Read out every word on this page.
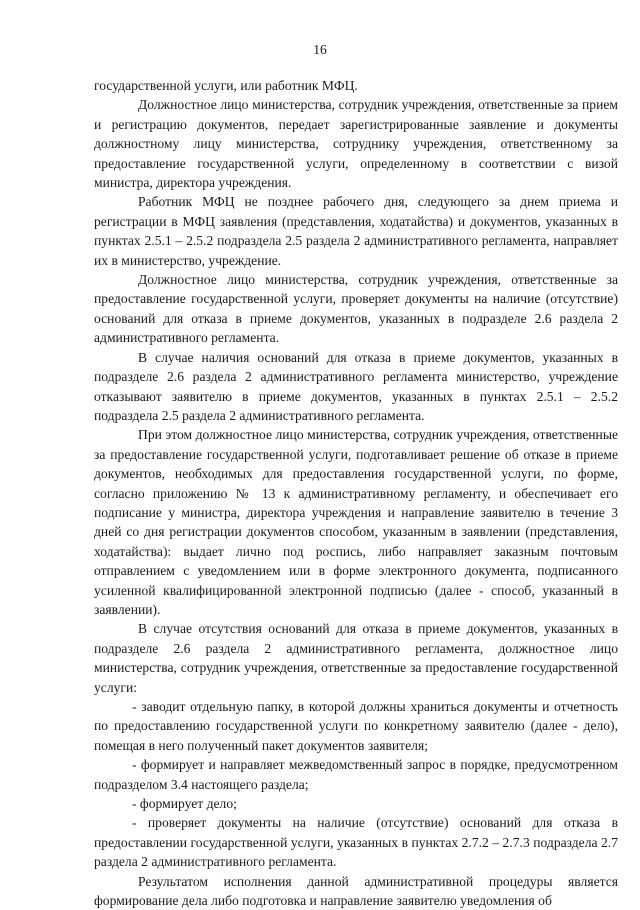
16

государственной услуги, или работник МФЦ.

Должностное лицо министерства, сотрудник учреждения, ответственные за прием и регистрацию документов, передает зарегистрированные заявление и документы должностному лицу министерства, сотруднику учреждения, ответственному за предоставление государственной услуги, определенному в соответствии с визой министра, директора учреждения.

Работник МФЦ не позднее рабочего дня, следующего за днем приема и регистрации в МФЦ заявления (представления, ходатайства) и документов, указанных в пунктах 2.5.1 – 2.5.2 подраздела 2.5 раздела 2 административного регламента, направляет их в министерство, учреждение.

Должностное лицо министерства, сотрудник учреждения, ответственные за предоставление государственной услуги, проверяет документы на наличие (отсутствие) оснований для отказа в приеме документов, указанных в подразделе 2.6 раздела 2 административного регламента.

В случае наличия оснований для отказа в приеме документов, указанных в подразделе 2.6 раздела 2 административного регламента министерство, учреждение отказывают заявителю в приеме документов, указанных в пунктах 2.5.1 – 2.5.2 подраздела 2.5 раздела 2 административного регламента.

При этом должностное лицо министерства, сотрудник учреждения, ответственные за предоставление государственной услуги, подготавливает решение об отказе в приеме документов, необходимых для предоставления государственной услуги, по форме, согласно приложению № 13 к административному регламенту, и обеспечивает его подписание у министра, директора учреждения и направление заявителю в течение 3 дней со дня регистрации документов способом, указанным в заявлении (представления, ходатайства): выдает лично под роспись, либо направляет заказным почтовым отправлением с уведомлением или в форме электронного документа, подписанного усиленной квалифицированной электронной подписью (далее - способ, указанный в заявлении).

В случае отсутствия оснований для отказа в приеме документов, указанных в подразделе 2.6 раздела 2 административного регламента, должностное лицо министерства, сотрудник учреждения, ответственные за предоставление государственной услуги:

- заводит отдельную папку, в которой должны храниться документы и отчетность по предоставлению государственной услуги по конкретному заявителю (далее - дело), помещая в него полученный пакет документов заявителя;

- формирует и направляет межведомственный запрос в порядке, предусмотренном подразделом 3.4 настоящего раздела;

- формирует дело;

- проверяет документы на наличие (отсутствие) оснований для отказа в предоставлении государственной услуги, указанных в пунктах 2.7.2 – 2.7.3 подраздела 2.7 раздела 2 административного регламента.

Результатом исполнения данной административной процедуры является формирование дела либо подготовка и направление заявителю уведомления об
